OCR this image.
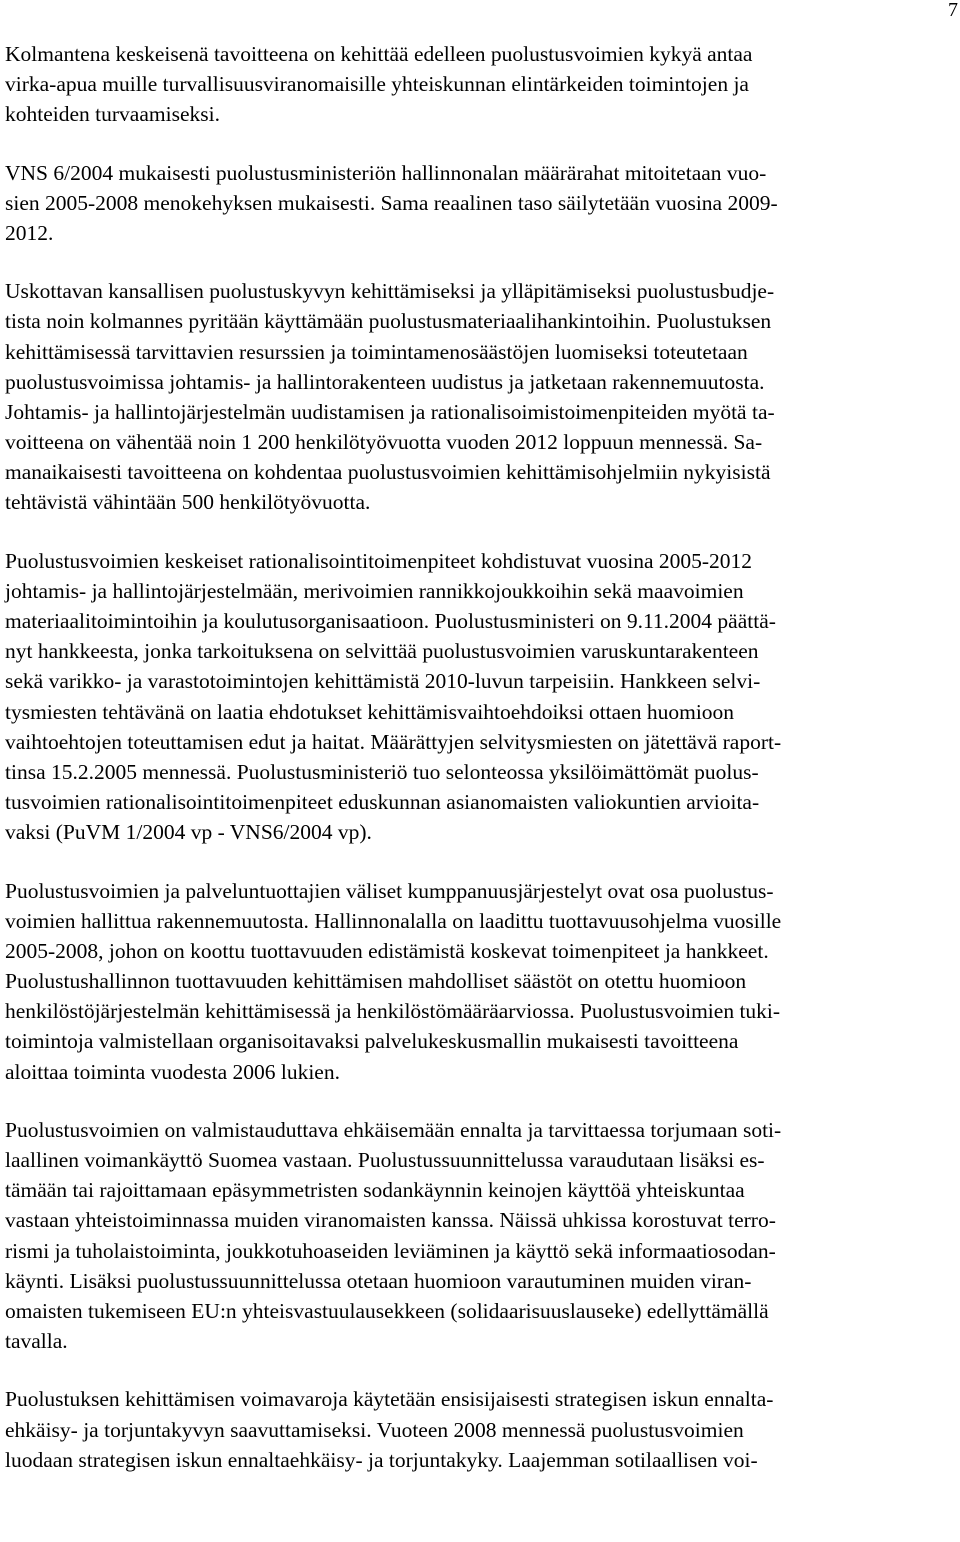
7
Kolmantena keskeisenä tavoitteena on kehittää edelleen puolustusvoimien kykyä antaa
virka-apua muille turvallisuusviranomaisille yhteiskunnan elintärkeiden toimintojen ja
kohteiden turvaamiseksi.
VNS 6/2004 mukaisesti puolustusministeriön hallinnonalan määrärahat mitoitetaan vuo-
sien 2005-2008 menokehyksen mukaisesti. Sama reaalinen taso säilytetään vuosina 2009-
2012.
Uskottavan kansallisen puolustuskyvyn kehittämiseksi ja ylläpitämiseksi puolustusbudje-
tista noin kolmannes pyritään käyttämään puolustusmateriaalihankintoihin. Puolustuksen
kehittämisessä tarvittavien resurssien ja toimintamenosäästöjen luomiseksi toteutetaan
puolustusvoimissa johtamis- ja hallintorakenteen uudistus ja jatketaan rakennemuutosta.
Johtamis- ja hallintojärjestelmän uudistamisen ja rationalisoimistoimenpiteiden myötä ta-
voitteena on vähentää noin 1 200 henkilötyövuotta vuoden 2012 loppuun mennessä. Sa-
manaikaisesti tavoitteena on kohdentaa puolustusvoimien kehittämisohjelmiin nykyisistä
tehtävistä vähintään 500 henkilötyövuotta.
Puolustusvoimien keskeiset rationalisointitoimenpiteet kohdistuvat vuosina 2005-2012
johtamis- ja hallintojärjestelmään, merivoimien rannikkojoukkoihin sekä maavoimien
materiaalitoimintoihin ja koulutusorganisaatioon. Puolustusministeri on 9.11.2004 päättä-
nyt hankkeesta, jonka tarkoituksena on selvittää puolustusvoimien varuskuntarakenteen
sekä varikko- ja varastotoimintojen kehittämistä 2010-luvun tarpeisiin. Hankkeen selvi-
tysmiesten tehtävänä on laatia ehdotukset kehittämisvaihtoehdoiksi ottaen huomioon
vaihtoehtojen toteuttamisen edut ja haitat. Määrättyjen selvitysmiesten on jätettävä raport-
tinsa 15.2.2005 mennessä. Puolustusministeriö tuo selonteossa yksilöimättömät puolus-
tusvoimien rationalisointitoimenpiteet eduskunnan asianomaisten valiokuntien arvioita-
vaksi (PuVM 1/2004 vp - VNS6/2004 vp).
Puolustusvoimien ja palveluntuottajien väliset kumppanuusjärjestelyt ovat osa puolustus-
voimien hallittua rakennemuutosta. Hallinnonalalla on laadittu tuottavuusohjelma vuosille
2005-2008, johon on koottu tuottavuuden edistämistä koskevat toimenpiteet ja hankkeet.
Puolustushallinnon tuottavuuden kehittämisen mahdolliset säästöt on otettu huomioon
henkilöstöjärjestelmän kehittämisessä ja henkilöstömääräarviossa. Puolustusvoimien tuki-
toimintoja valmistellaan organisoitavaksi palvelukeskusmallin mukaisesti tavoitteena
aloittaa toiminta vuodesta 2006 lukien.
Puolustusvoimien on valmistauduttava ehkäisemään ennalta ja tarvittaessa torjumaan soti-
laallinen voimankäyttö Suomea vastaan. Puolustussuunnittelussa varaudutaan lisäksi es-
tämään tai rajoittamaan epäsymmetristen sodankäynnin keinojen käyttöä yhteiskuntaa
vastaan yhteistoiminnassa muiden viranomaisten kanssa. Näissä uhkissa korostuvat terro-
rismi ja tuholaistoiminta, joukkotuhoaseiden leviäminen ja käyttö sekä informaatiosodan-
käynti. Lisäksi puolustussuunnittelussa otetaan huomioon varautuminen muiden viran-
omaisten tukemiseen EU:n yhteisvastuulausekkeen (solidaarisuuslauseke) edellyttämällä
tavalla.
Puolustuksen kehittämisen voimavaroja käytetään ensisijaisesti strategisen iskun ennalta-
ehkäisy- ja torjuntakyvyn saavuttamiseksi. Vuoteen 2008 mennessä puolustusvoimien
luodaan strategisen iskun ennaltaehkäisy- ja torjuntakyky. Laajemman sotilaallisen voi-
